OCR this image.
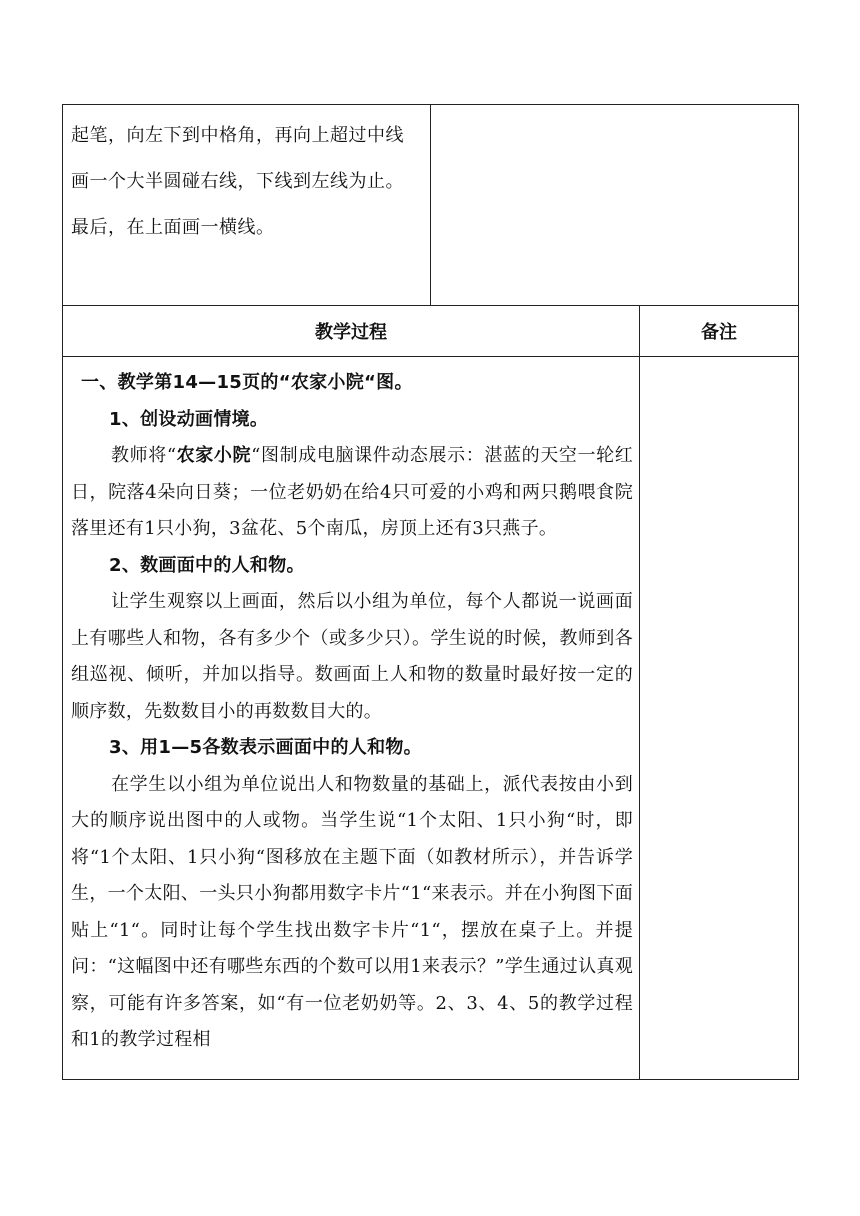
起笔，向左下到中格角，再向上超过中线画一个大半圆碰右线，下线到左线为止。最后，在上面画一横线。
教学过程	备注

一、教学第14—15页的“农家小院“图。

1、创设动画情境。

教师将“农家小院“图制成电脑课件动态展示：湛蓝的天空一轮红日，院落4朵向日葵；一位老奶奶在给4只可爱的小鸡和两只鹅喂食院落里还有1只小狗，3盆花、5个南瓜，房顶上还有3只燕子。

2、数画面中的人和物。

让学生观察以上画面，然后以小组为单位，每个人都说一说画面上有哪些人和物，各有多少个（或多少只）。学生说的时候，教师到各组巡视、倾听，并加以指导。数画面上人和物的数量时最好按一定的顺序数，先数数目小的再数数目大的。

3、用1—5各数表示画面中的人和物。

在学生以小组为单位说出人和物数量的基础上，派代表按由小到大的顺序说出图中的人或物。当学生说“1个太阳、1只小狗“时，即将“1个太阳、1只小狗“图移放在主题下面（如教材所示），并告诉学生，一个太阳、一头只小狗都用数字卡片“1“来表示。并在小狗图下面贴上“1“。同时让每个学生找出数字卡片“1“，摆放在桌子上。并提问：“这幅图中还有哪些东西的个数可以用1来表示？”学生通过认真观察，可能有许多答案，如“有一位老奶奶等。2、3、4、5的教学过程和1的教学过程相
